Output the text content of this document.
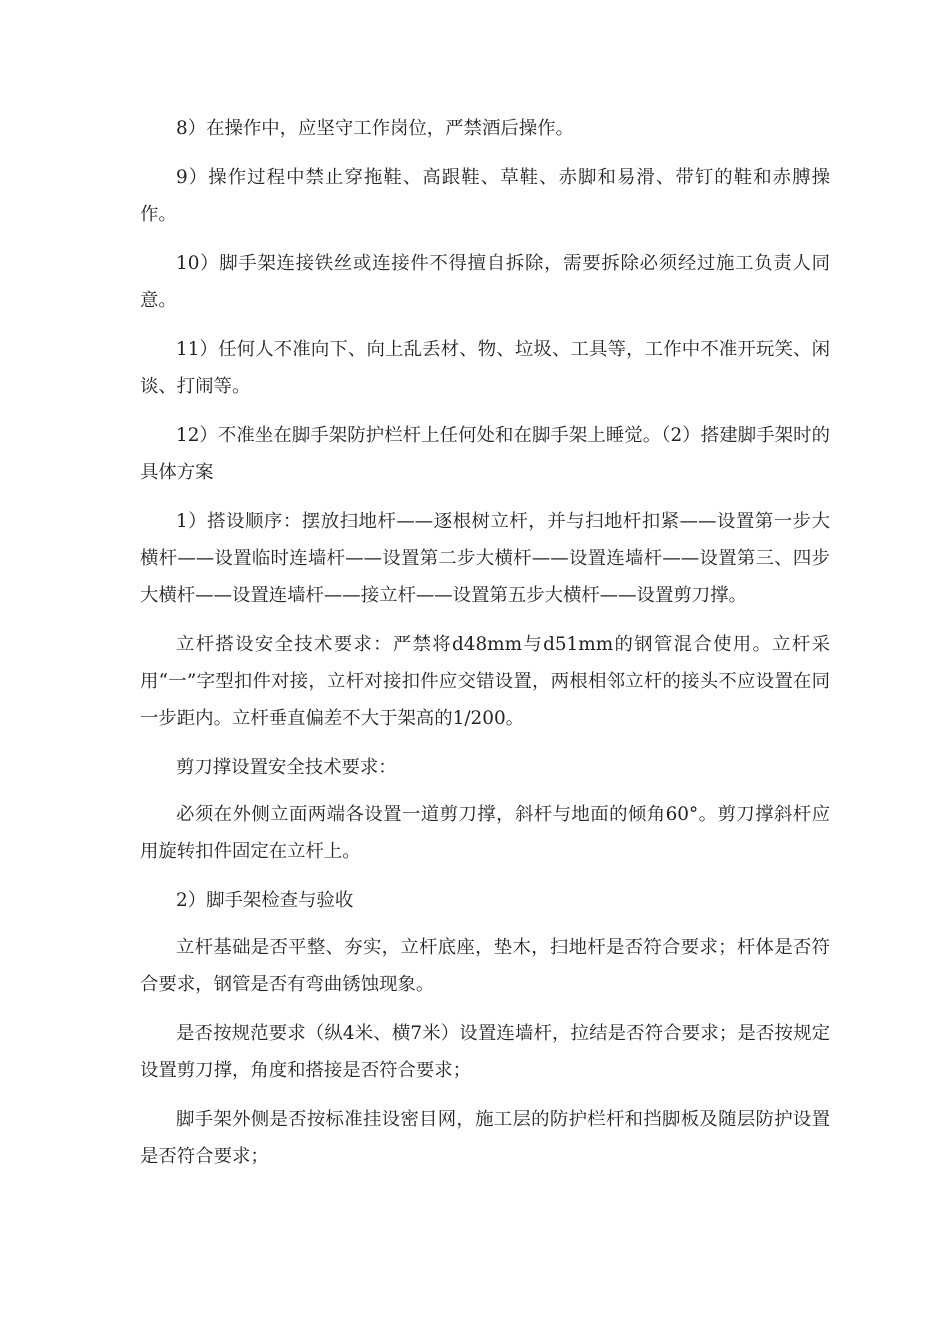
8）在操作中，应坚守工作岗位，严禁酒后操作。

9）操作过程中禁止穿拖鞋、高跟鞋、草鞋、赤脚和易滑、带钉的鞋和赤膊操作。

10）脚手架连接铁丝或连接件不得擅自拆除，需要拆除必须经过施工负责人同意。

11）任何人不准向下、向上乱丢材、物、垃圾、工具等，工作中不准开玩笑、闲谈、打闹等。

12）不准坐在脚手架防护栏杆上任何处和在脚手架上睡觉。（2）搭建脚手架时的具体方案

1）搭设顺序：摆放扫地杆——逐根树立杆，并与扫地杆扣紧——设置第一步大横杆——设置临时连墙杆——设置第二步大横杆——设置连墙杆——设置第三、四步大横杆——设置连墙杆——接立杆——设置第五步大横杆——设置剪刀撑。

立杆搭设安全技术要求：严禁将d48mm与d51mm的钢管混合使用。立杆采用“一”字型扣件对接，立杆对接扣件应交错设置，两根相邻立杆的接头不应设置在同一步距内。立杆垂直偏差不大于架高的1/200。

剪刀撑设置安全技术要求：

必须在外侧立面两端各设置一道剪刀撑，斜杆与地面的倾角60°。剪刀撑斜杆应用旋转扣件固定在立杆上。

2）脚手架检查与验收

立杆基础是否平整、夯实，立杆底座，垫木，扫地杆是否符合要求；杆体是否符合要求，钢管是否有弯曲锈蚀现象。

是否按规范要求（纵4米、横7米）设置连墙杆，拉结是否符合要求；是否按规定设置剪刀撑，角度和搭接是否符合要求；

脚手架外侧是否按标准挂设密目网，施工层的防护栏杆和挡脚板及随层防护设置是否符合要求；
